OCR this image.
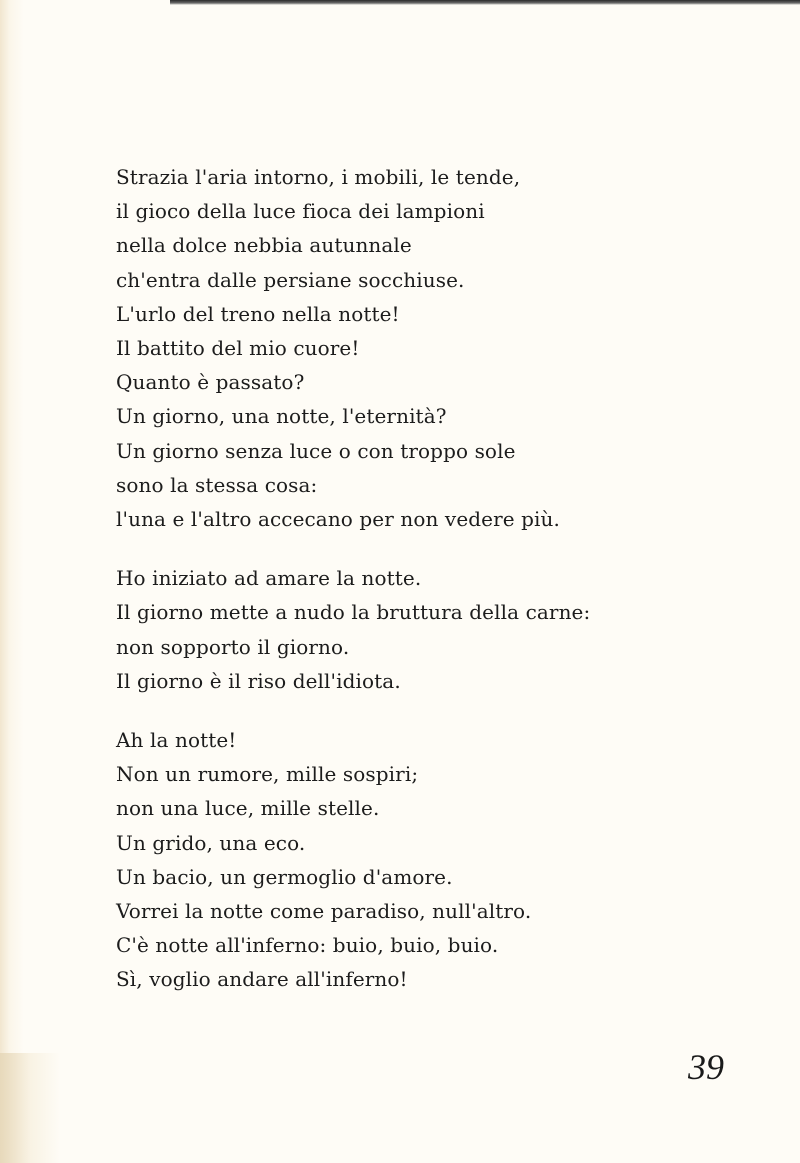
Strazia l'aria intorno, i mobili, le tende,
il gioco della luce fioca dei lampioni
nella dolce nebbia autunnale
ch'entra dalle persiane socchiuse.
L'urlo del treno nella notte!
Il battito del mio cuore!
Quanto è passato?
Un giorno, una notte, l'eternità?
Un giorno senza luce o con troppo sole
sono la stessa cosa:
l'una e l'altro accecano per non vedere più.
Ho iniziato ad amare la notte.
Il giorno mette a nudo la bruttura della carne:
non sopporto il giorno.
Il giorno è il riso dell'idiota.
Ah la notte!
Non un rumore, mille sospiri;
non una luce, mille stelle.
Un grido, una eco.
Un bacio, un germoglio d'amore.
Vorrei la notte come paradiso, null'altro.
C'è notte all'inferno: buio, buio, buio.
Sì, voglio andare all'inferno!
39
